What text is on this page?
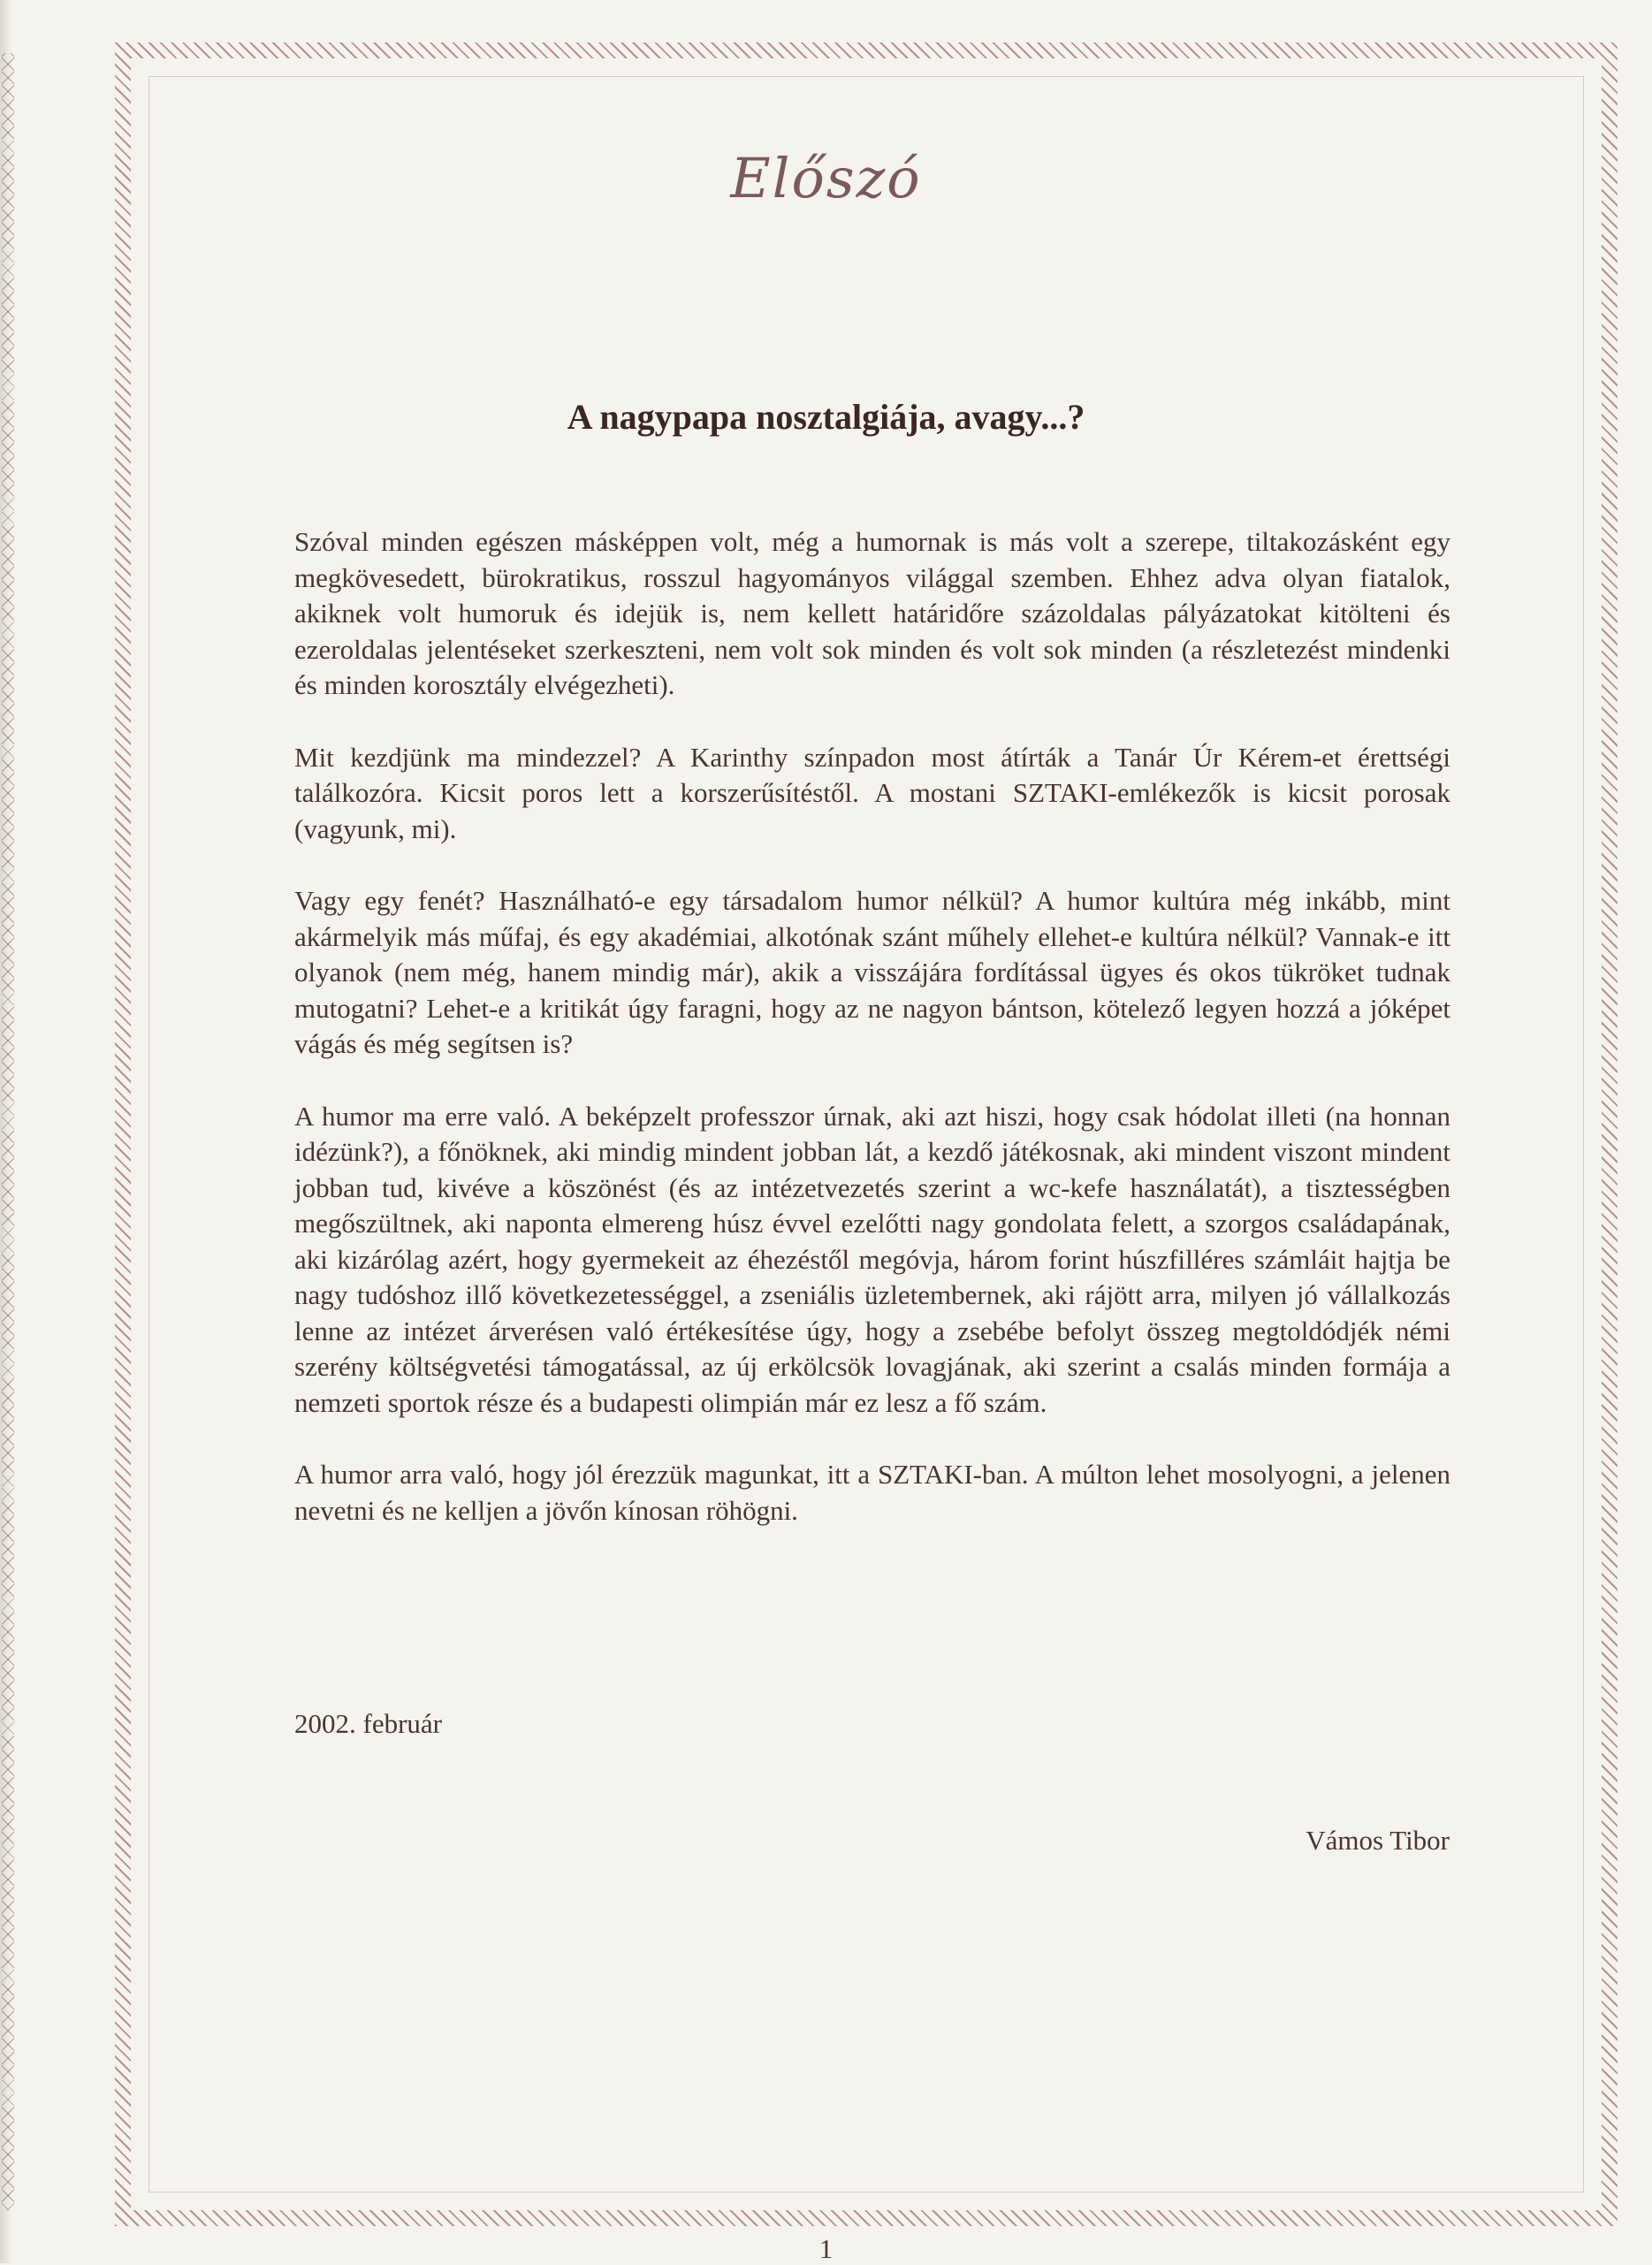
Előszó
A nagypapa nosztalgiája, avagy...?

Szóval minden egészen másképpen volt, még a humornak is más volt a szerepe, tiltakozásként egy megkövesedett, bürokratikus, rosszul hagyományos világgal szemben. Ehhez adva olyan fiatalok, akiknek volt humoruk és idejük is, nem kellett határidőre százoldalas pályázatokat kitölteni és ezeroldalas jelentéseket szerkeszteni, nem volt sok minden és volt sok minden (a részletezést mindenki és minden korosztály elvégezheti).

Mit kezdjünk ma mindezzel? A Karinthy színpadon most átírták a Tanár Úr Kérem-et érettségi találkozóra. Kicsit poros lett a korszerűsítéstől. A mostani SZTAKI-emlékezők is kicsit porosak (vagyunk, mi).

Vagy egy fenét? Használható-e egy társadalom humor nélkül? A humor kultúra még inkább, mint akármelyik más műfaj, és egy akadémiai, alkotónak szánt műhely ellehet-e kultúra nélkül? Vannak-e itt olyanok (nem még, hanem mindig már), akik a visszájára fordítással ügyes és okos tükröket tudnak mutogatni? Lehet-e a kritikát úgy faragni, hogy az ne nagyon bántson, kötelező legyen hozzá a jóképet vágás és még segítsen is?

A humor ma erre való. A beképzelt professzor úrnak, aki azt hiszi, hogy csak hódolat illeti (na honnan idézünk?), a főnöknek, aki mindig mindent jobban lát, a kezdő játékosnak, aki mindent viszont mindent jobban tud, kivéve a köszönést (és az intézetvezetés szerint a wc-kefe használatát), a tisztességben megőszültnek, aki naponta elmereng húsz évvel ezelőtti nagy gondolata felett, a szorgos családapának, aki kizárólag azért, hogy gyermekeit az éhezéstől megóvja, három forint húszfilléres számláit hajtja be nagy tudóshoz illő következetességgel, a zseniális üzletembernek, aki rájött arra, milyen jó vállalkozás lenne az intézet árverésen való értékesítése úgy, hogy a zsebébe befolyt összeg megtoldódjék némi szerény költségvetési támogatással, az új erkölcsök lovagjának, aki szerint a csalás minden formája a nemzeti sportok része és a budapesti olimpián már ez lesz a fő szám.

A humor arra való, hogy jól érezzük magunkat, itt a SZTAKI-ban. A múlton lehet mosolyogni, a jelenen nevetni és ne kelljen a jövőn kínosan röhögni.

2002. február
Vámos Tibor
1
